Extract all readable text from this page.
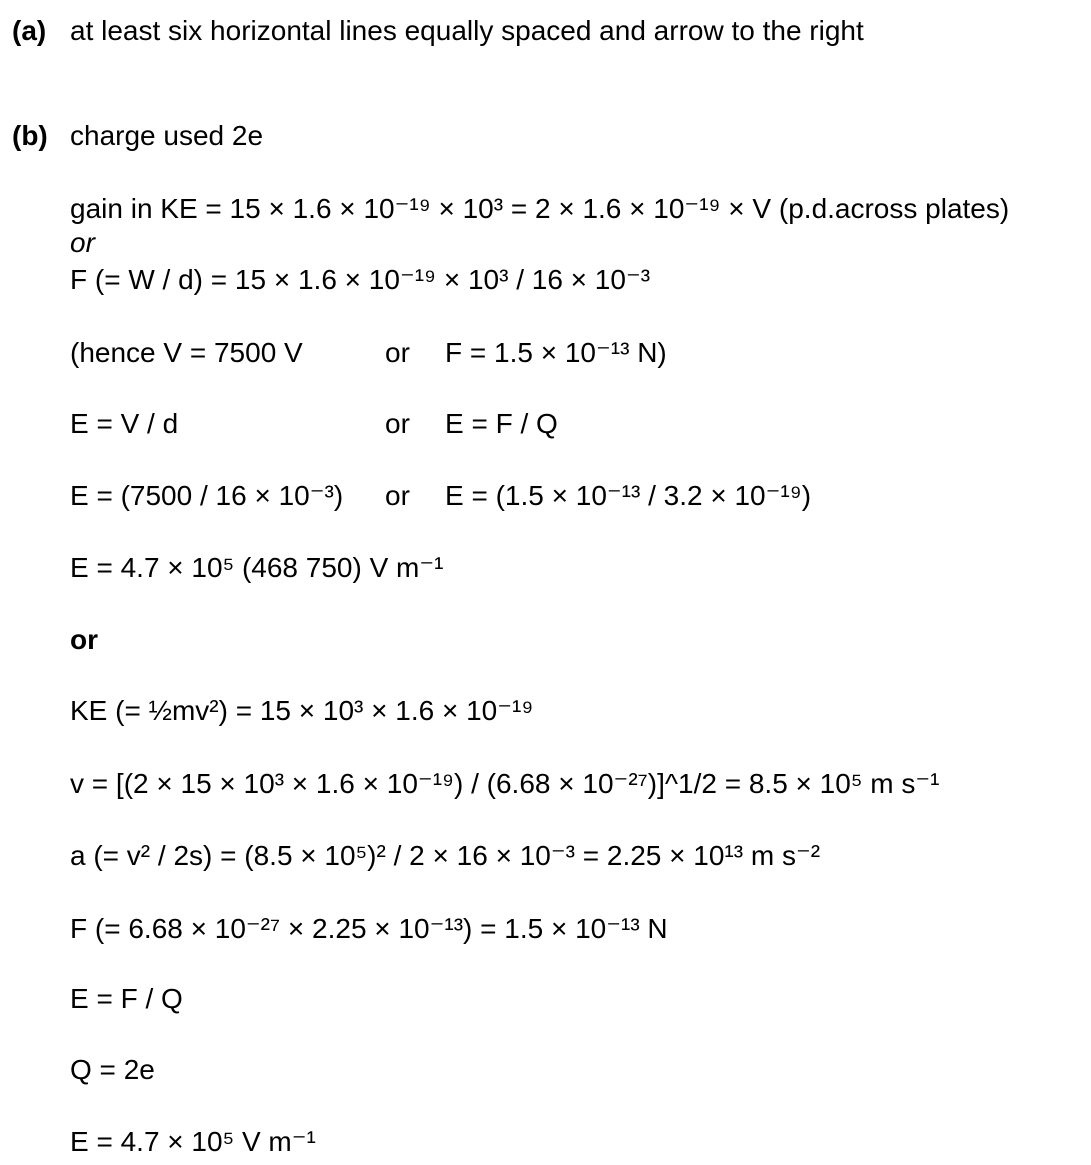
(a) at least six horizontal lines equally spaced and arrow to the right
(b) charge used 2e
gain in KE = 15 × 1.6 × 10⁻¹⁹ × 10³ = 2 × 1.6 × 10⁻¹⁹ × V (p.d.across plates)
or
F (= W / d) = 15 × 1.6 × 10⁻¹⁹ × 10³ / 16 × 10⁻³
(hence V = 7500 V	or F = 1.5 × 10⁻¹³ N)
E = V / d	or E = F / Q
E = (7500 / 16 × 10⁻³) or E = (1.5 × 10⁻¹³ / 3.2 × 10⁻¹⁹)
E = 4.7 × 10⁵ (468 750) V m⁻¹
or
KE (= ½mv²) = 15 × 10³ × 1.6 × 10⁻¹⁹
v = [(2 × 15 × 10³ × 1.6 × 10⁻¹⁹) / (6.68 × 10⁻²⁷)]^1/2 = 8.5 × 10⁵ m s⁻¹
a (= v² / 2s) = (8.5 × 10⁵)² / 2 × 16 × 10⁻³ = 2.25 × 10¹³ m s⁻²
F (= 6.68 × 10⁻²⁷ × 2.25 × 10⁻¹³) = 1.5 × 10⁻¹³ N
E = F / Q
Q = 2e
E = 4.7 × 10⁵ V m⁻¹
